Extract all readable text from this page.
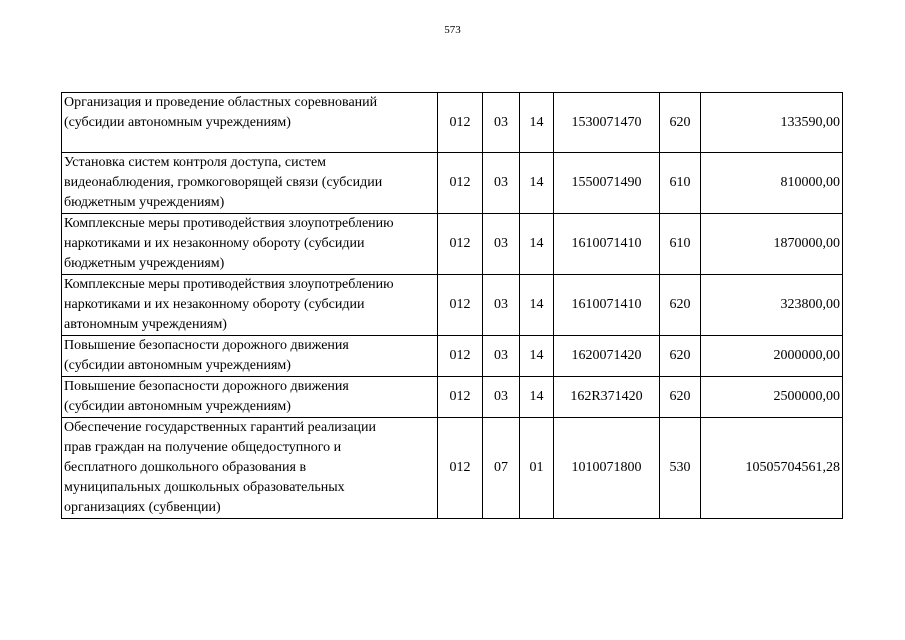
573
Организация и проведение областных соревнований
(субсидии автономным учреждениям)	012	03	14	1530071470	620	133590,00

Установка систем контроля доступа, систем
видеонаблюдения, громкоговорящей связи (субсидии
бюджетным учреждениям)	012	03	14	1550071490	610	810000,00

Комплексные меры противодействия злоупотреблению
наркотиками и их незаконному обороту (субсидии
бюджетным учреждениям)	012	03	14	1610071410	610	1870000,00

Комплексные меры противодействия злоупотреблению
наркотиками и их незаконному обороту (субсидии
автономным учреждениям)	012	03	14	1610071410	620	323800,00

Повышение безопасности дорожного движения
(субсидии автономным учреждениям)	012	03	14	1620071420	620	2000000,00

Повышение безопасности дорожного движения
(субсидии автономным учреждениям)	012	03	14	162R371420	620	2500000,00

Обеспечение государственных гарантий реализации
прав граждан на получение общедоступного и
бесплатного дошкольного образования в
муниципальных дошкольных образовательных
организациях (субвенции)	012	07	01	1010071800	530	10505704561,28
